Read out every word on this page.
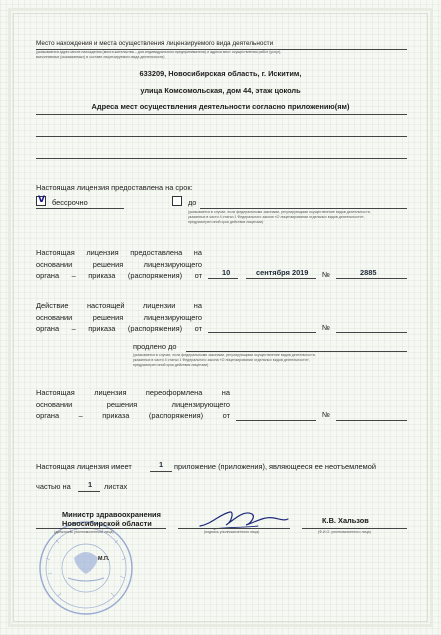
Место нахождения и места осуществления лицензируемого вида деятельности
(указываются адрес места нахождения (места жительства – для индивидуального предпринимателя) и адреса мест осуществления работ (услуг),
выполняемых (оказываемых) в составе лицензируемого вида деятельности)
633209, Новосибирская область, г. Искитим,
улица Комсомольская, дом 44, этаж цоколь
Адреса мест осуществления деятельности согласно приложению(ям)
Настоящая лицензия предоставлена на срок:
V бессрочно	до
(указывается в случае, если федеральными законами, регулирующими осуществление видов деятельности,
указанных в части 4 статьи 1 Федерального закона «О лицензировании отдельных видов деятельности»,
предусмотрен иной срок действия лицензии)
Настоящая лицензия предоставлена на
основании решения лицензирующего
органа – приказа (распоряжения) от	10	сентября 2019 №	2885
Действие настоящей лицензии на
основании решения лицензирующего
органа – приказа (распоряжения) от	№
продлено до
(указывается в случае, если федеральными законами, регулирующими осуществление видов деятельности,
указанных в части 4 статьи 1 Федерального закона «О лицензировании отдельных видов деятельности»,
предусмотрен иной срок действия лицензии)
Настоящая лицензия переоформлена на
основании решения лицензирующего
органа – приказа (распоряжения) от	№
Настоящая лицензия имеет	1 приложение (приложения), являющееся ее неотъемлемой
частью на 1 листах
Министр здравоохранения
Новосибирской области
(должность уполномоченного лица)	(подпись уполномоченного лица)
К.В. Хальзов
(Ф.И.О. уполномоченного лица)
М.П.
